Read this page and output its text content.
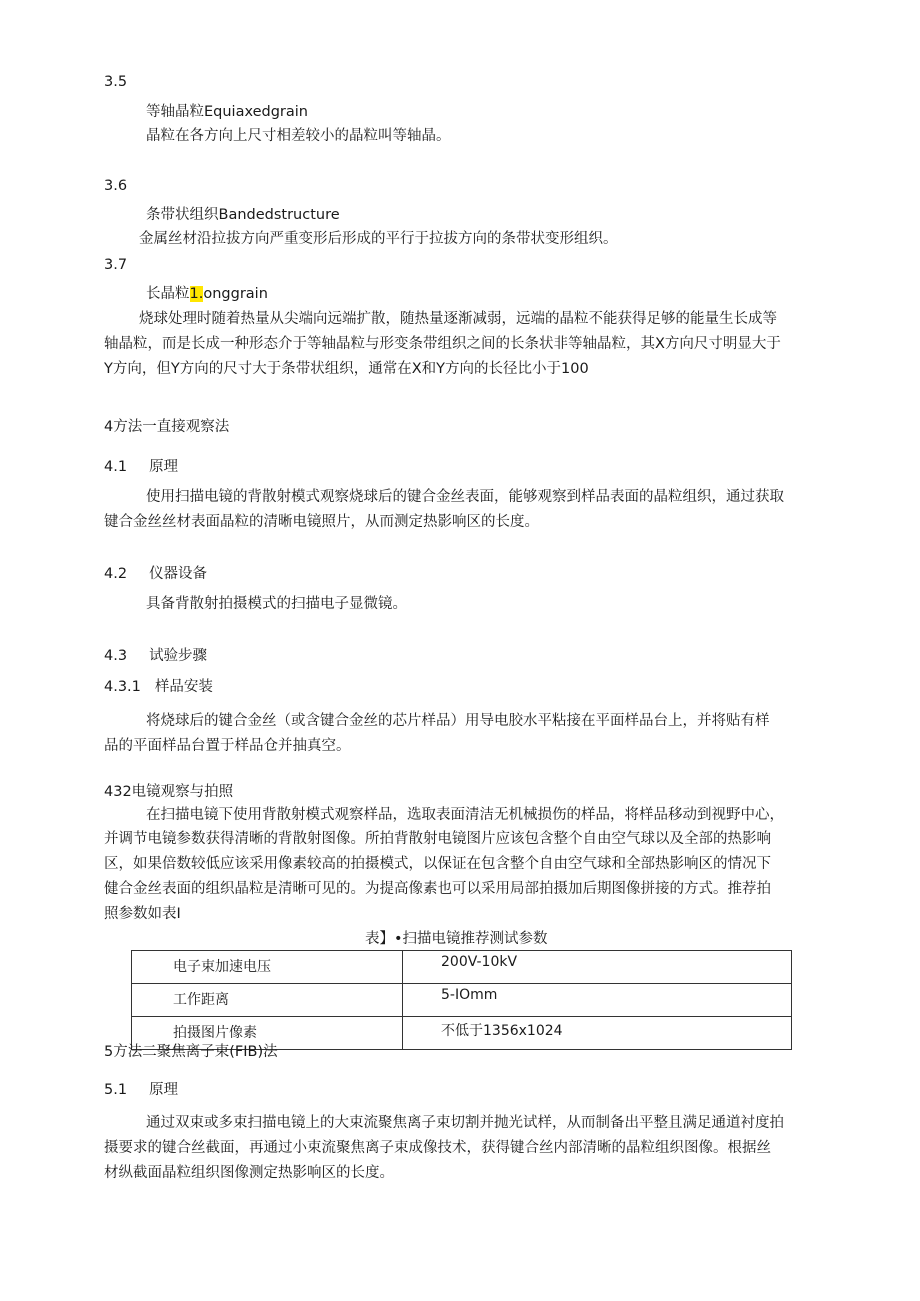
3.5
等轴晶粒Equiaxedgrain
晶粒在各方向上尺寸相差较小的晶粒叫等轴晶。
3.6
条带状组织Bandedstructure
金属丝材沿拉拔方向严重变形后形成的平行于拉拔方向的条带状变形组织。
3.7
长晶粒1.onggrain
烧球处理时随着热量从尖端向远端扩散，随热量逐渐减弱，远端的晶粒不能获得足够的能量生长成等
轴晶粒，而是长成一种形态介于等轴晶粒与形变条带组织之间的长条状非等轴晶粒，其X方向尺寸明显大于
Y方向，但Y方向的尺寸大于条带状组织，通常在X和Y方向的长径比小于100
4方法一直接观察法
4.1 原理
使用扫描电镜的背散射模式观察烧球后的键合金丝表面，能够观察到样品表面的晶粒组织，通过获取
键合金丝丝材表面晶粒的清晰电镜照片，从而测定热影响区的长度。
4.2 仪器设备
具备背散射拍摄模式的扫描电子显微镜。
4.3 试验步骤
4.3.1 样品安装
将烧球后的键合金丝（或含键合金丝的芯片样品）用导电胶水平粘接在平面样品台上，并将贴有样
品的平面样品台置于样品仓并抽真空。
432电镜观察与拍照
在扫描电镜下使用背散射模式观察样品，选取表面清洁无机械损伤的样品，将样品移动到视野中心，
并调节电镜参数获得清晰的背散射图像。所拍背散射电镜图片应该包含整个自由空气球以及全部的热影响
区，如果倍数较低应该采用像素较高的拍摄模式，以保证在包含整个自由空气球和全部热影响区的情况下
健合金丝表面的组织晶粒是清晰可见的。为提高像素也可以采用局部拍摄加后期图像拼接的方式。推荐拍
照参数如表I
表】•扫描电镜推荐测试参数
电子束加速电压	200V-10kV
工作距离	5-IOmm
拍摄图片像素	不低于1356x1024
5方法二聚焦离子束(FIB)法
5.1 原理
通过双束或多束扫描电镜上的大束流聚焦离子束切割并抛光试样，从而制备出平整且满足通道衬度拍
摄要求的键合丝截面，再通过小束流聚焦离子束成像技术，获得键合丝内部清晰的晶粒组织图像。根据丝
材纵截面晶粒组织图像测定热影响区的长度。
